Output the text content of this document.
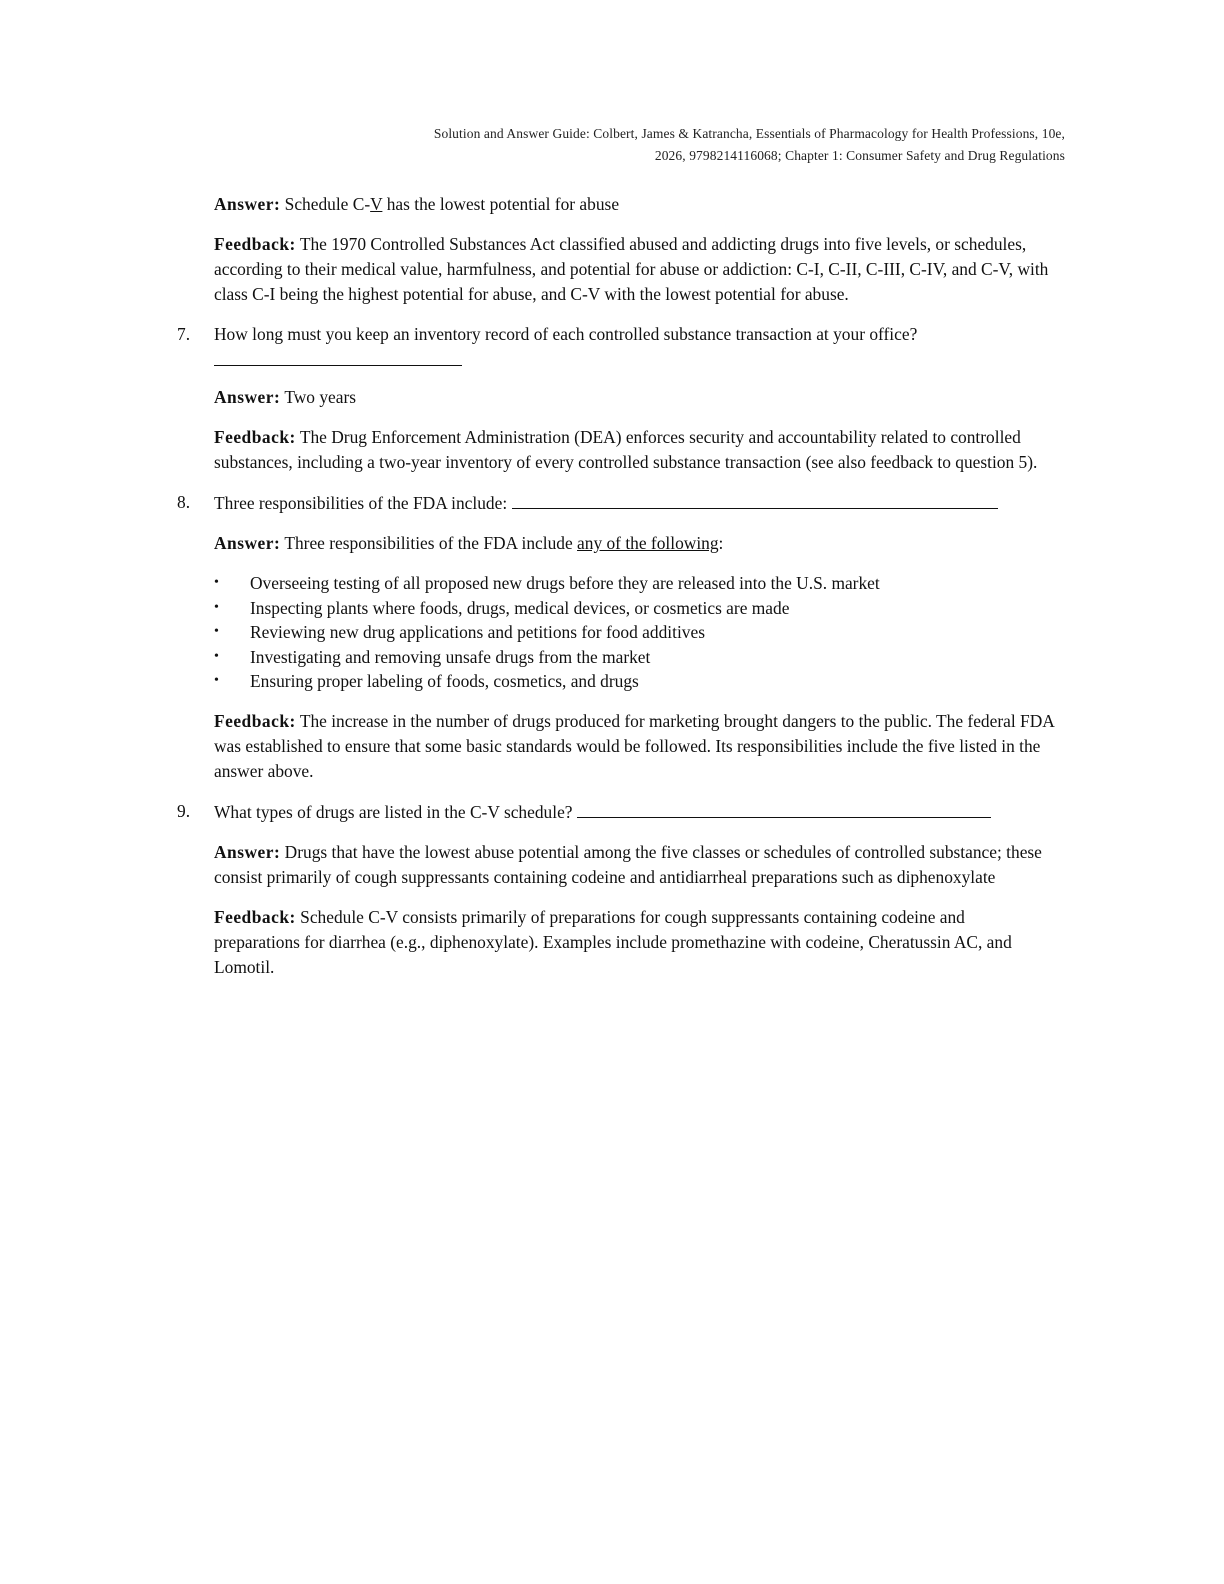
Solution and Answer Guide: Colbert, James & Katrancha, Essentials of Pharmacology for Health Professions, 10e,
2026, 9798214116068; Chapter 1: Consumer Safety and Drug Regulations

Answer: Schedule C-V has the lowest potential for abuse

Feedback: The 1970 Controlled Substances Act classified abused and addicting drugs into five levels, or schedules, according to their medical value, harmfulness, and potential for abuse or addiction: C-I, C-II, C-III, C-IV, and C-V, with class C-I being the highest potential for abuse, and C-V with the lowest potential for abuse.

7.	How long must you keep an inventory record of each controlled substance transaction at your office?

Answer: Two years

Feedback: The Drug Enforcement Administration (DEA) enforces security and accountability related to controlled substances, including a two-year inventory of every controlled substance transaction (see also feedback to question 5).

8.	Three responsibilities of the FDA include:

Answer: Three responsibilities of the FDA include any of the following:

• Overseeing testing of all proposed new drugs before they are released into the U.S. market
• Inspecting plants where foods, drugs, medical devices, or cosmetics are made
• Reviewing new drug applications and petitions for food additives
• Investigating and removing unsafe drugs from the market
• Ensuring proper labeling of foods, cosmetics, and drugs

Feedback: The increase in the number of drugs produced for marketing brought dangers to the public. The federal FDA was established to ensure that some basic standards would be followed. Its responsibilities include the five listed in the answer above.

9.	What types of drugs are listed in the C-V schedule?

Answer: Drugs that have the lowest abuse potential among the five classes or schedules of controlled substance; these consist primarily of cough suppressants containing codeine and antidiarrheal preparations such as diphenoxylate

Feedback: Schedule C-V consists primarily of preparations for cough suppressants containing codeine and preparations for diarrhea (e.g., diphenoxylate). Examples include promethazine with codeine, Cheratussin AC, and Lomotil.
